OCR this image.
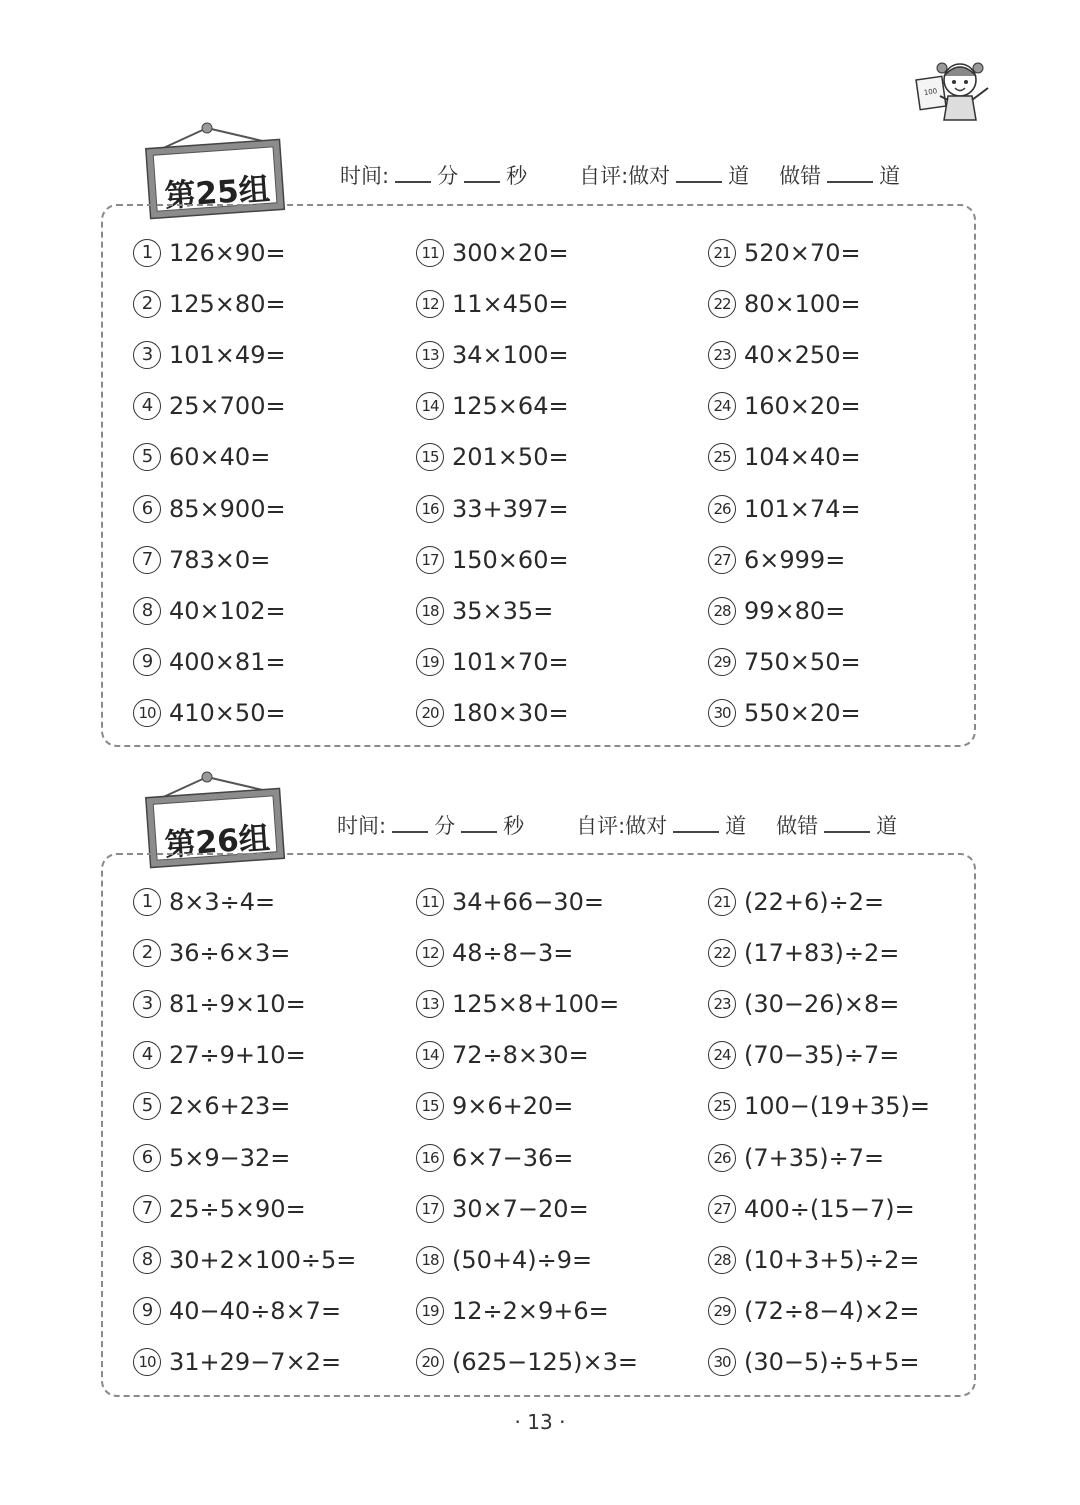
100
第25组	时间: 分 秒 自评:做对	道 做错	道
1 126×90=
2 125×80=
3 101×49=
4 25×700=
5 60×40=
6 85×900=
7 783×0=
8 40×102=
9 400×81=
10 410×50=
11 300×20=
12 11×450=
13 34×100=
14 125×64=
15 201×50=
16 33+397=
17 150×60=
18 35×35=
19 101×70=
20 180×30=
21 520×70=
22 80×100=
23 40×250=
24 160×20=
25 104×40=
26 101×74=
27 6×999=
28 99×80=
29 750×50=
30 550×20=
第26组	时间: 分 秒 自评:做对	道 做错	道
1 8×3÷4=
2 36÷6×3=
3 81÷9×10=
4 27÷9+10=
5 2×6+23=
6 5×9−32=
7 25÷5×90=
8 30+2×100÷5=
9 40−40÷8×7=
10 31+29−7×2=
11 34+66−30=
12 48÷8−3=
13 125×8+100=
14 72÷8×30=
15 9×6+20=
16 6×7−36=
17 30×7−20=
18 (50+4)÷9=
19 12÷2×9+6=
20 (625−125)×3=
21 (22+6)÷2=
22 (17+83)÷2=
23 (30−26)×8=
24 (70−35)÷7=
25 100−(19+35)=
26 (7+35)÷7=
27 400÷(15−7)=
28 (10+3+5)÷2=
29 (72÷8−4)×2=
30 (30−5)÷5+5=
· 13 ·
